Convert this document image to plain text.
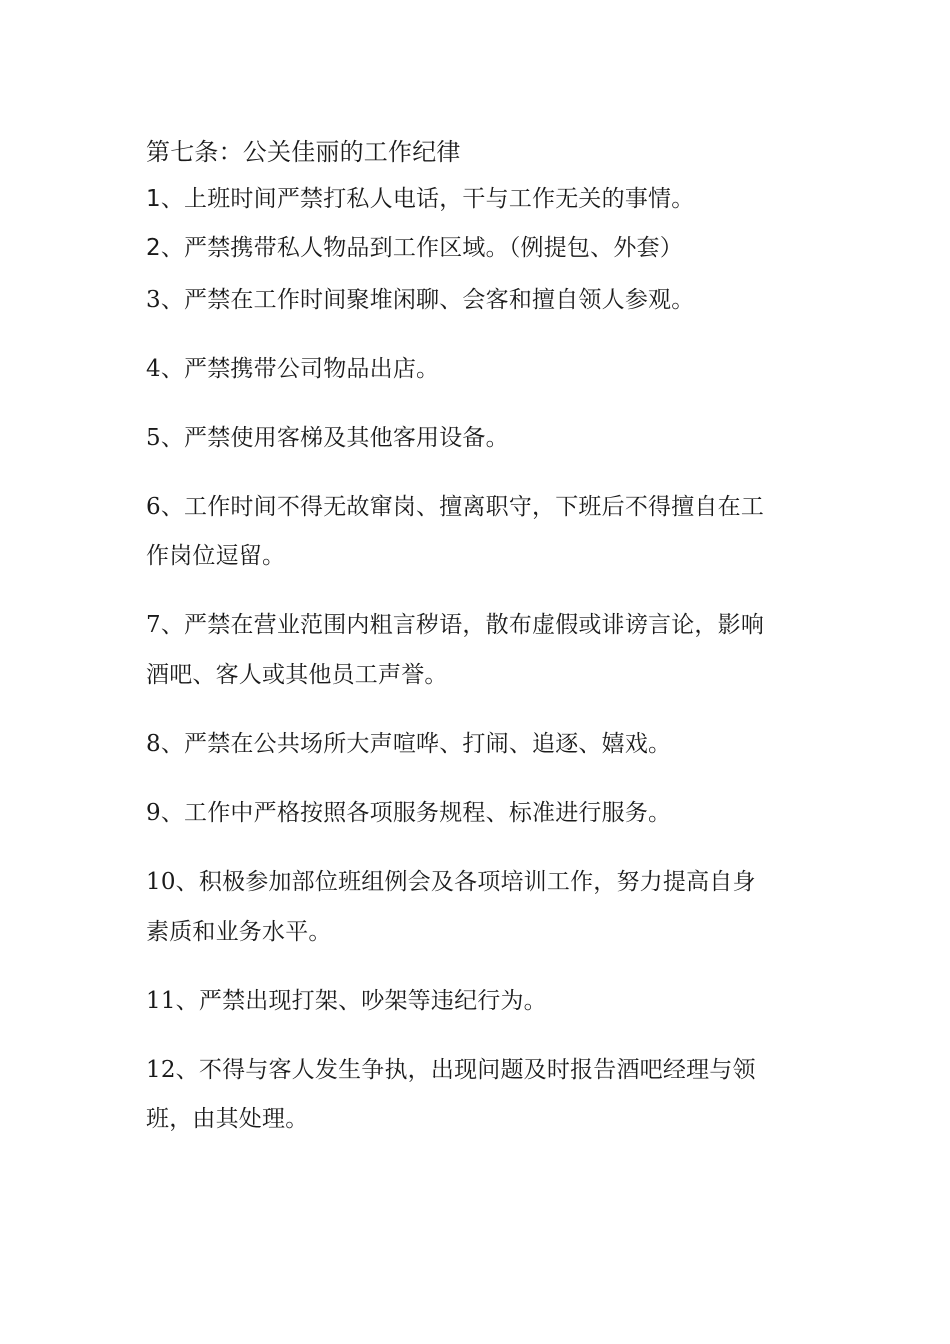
第七条：公关佳丽的工作纪律
1、上班时间严禁打私人电话，干与工作无关的事情。
2、严禁携带私人物品到工作区域。（例提包、外套）
3、严禁在工作时间聚堆闲聊、会客和擅自领人参观。
4、严禁携带公司物品出店。
5、严禁使用客梯及其他客用设备。
6、工作时间不得无故窜岗、擅离职守，下班后不得擅自在工
作岗位逗留。
7、严禁在营业范围内粗言秽语，散布虚假或诽谤言论，影响
酒吧、客人或其他员工声誉。
8、严禁在公共场所大声喧哗、打闹、追逐、嬉戏。
9、工作中严格按照各项服务规程、标准进行服务。
10、积极参加部位班组例会及各项培训工作，努力提高自身
素质和业务水平。
11、严禁出现打架、吵架等违纪行为。
12、不得与客人发生争执，出现问题及时报告酒吧经理与领
班，由其处理。
